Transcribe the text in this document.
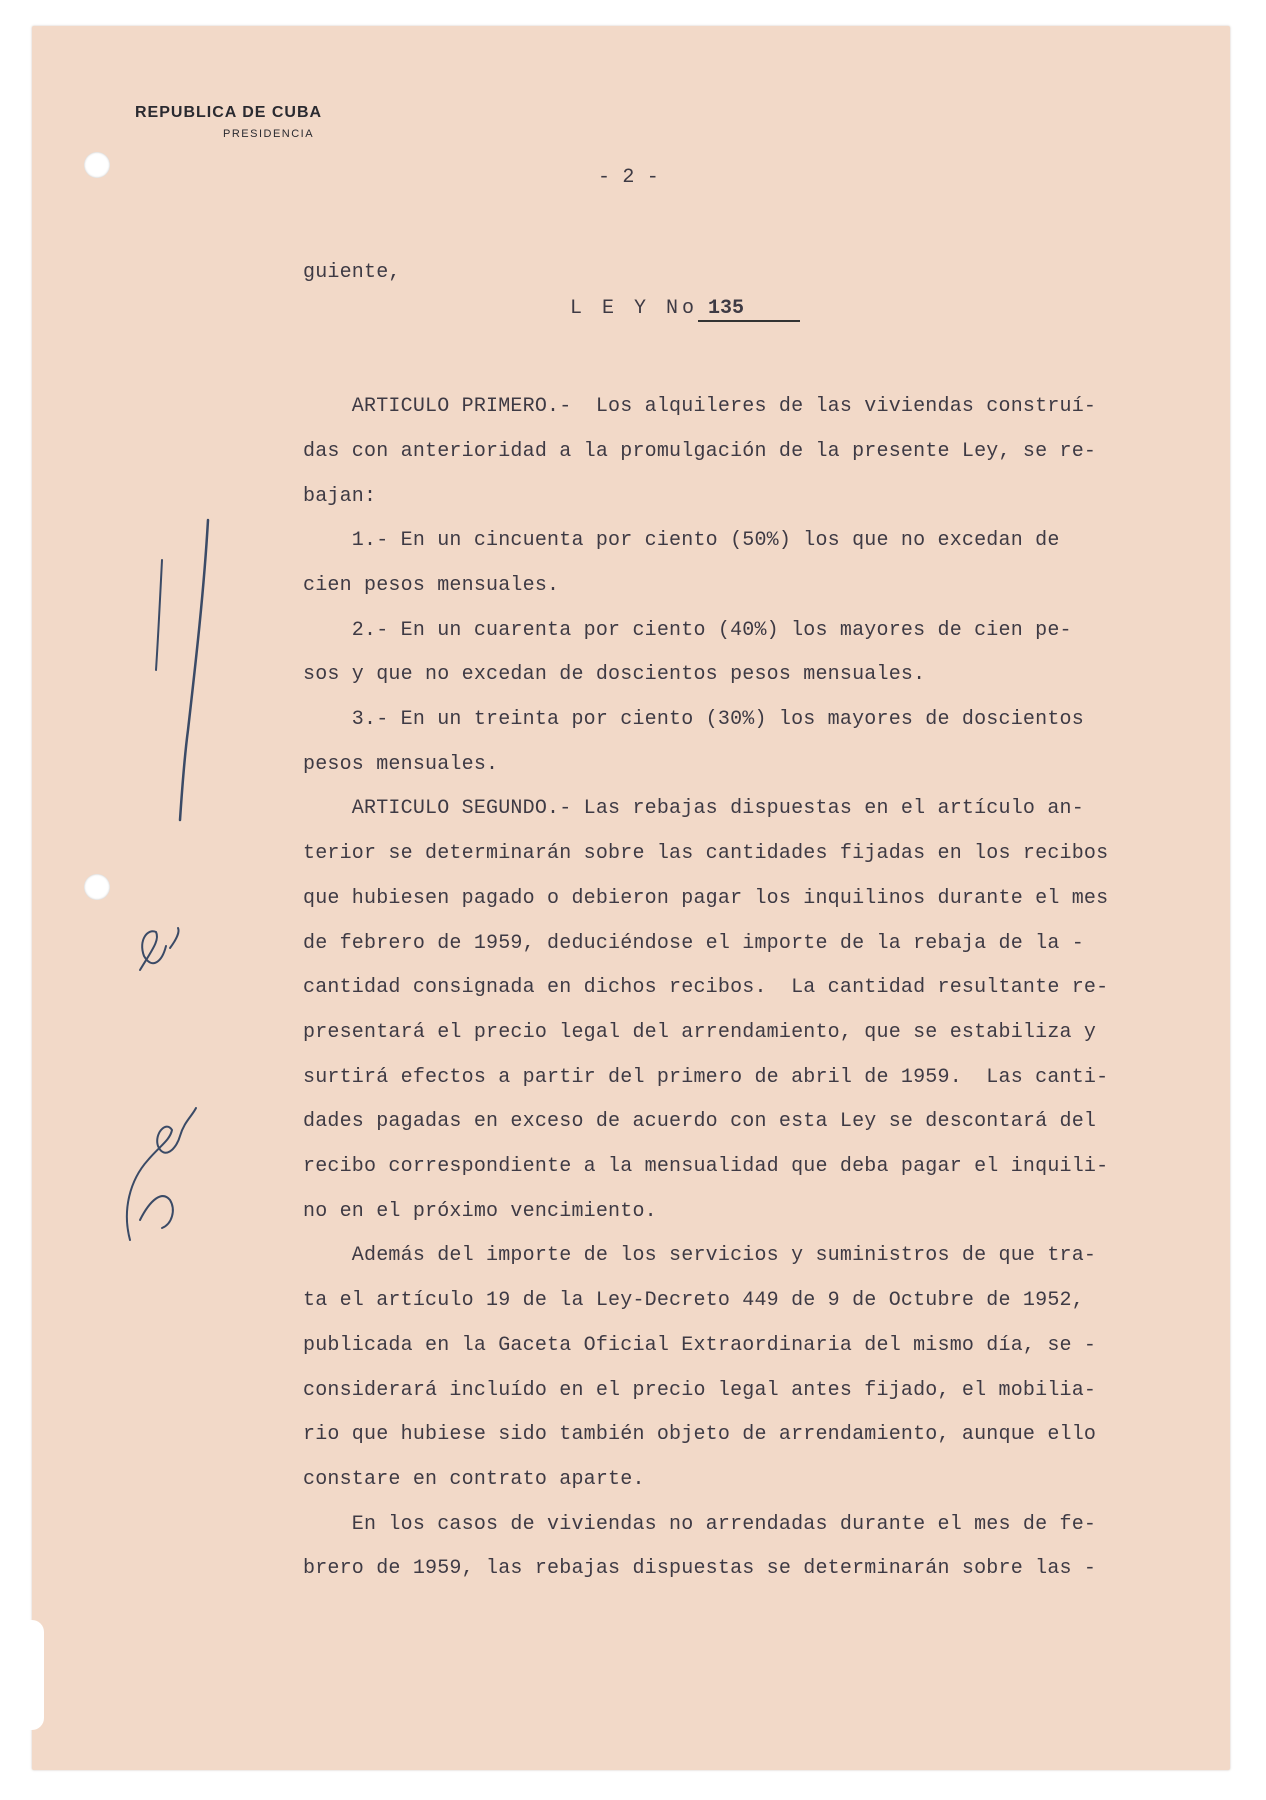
REPUBLICA DE CUBA
PRESIDENCIA
- 2 -
L E Y No 135
guiente,

ARTICULO PRIMERO.-  Los alquileres de las viviendas construí-
das con anterioridad a la promulgación de la presente Ley, se re-
bajan:
1.- En un cincuenta por ciento (50%) los que no excedan de
cien pesos mensuales.
2.- En un cuarenta por ciento (40%) los mayores de cien pe-
sos y que no excedan de doscientos pesos mensuales.
3.- En un treinta por ciento (30%) los mayores de doscientos
pesos mensuales.
ARTICULO SEGUNDO.- Las rebajas dispuestas en el artículo an-
terior se determinarán sobre las cantidades fijadas en los recibos
que hubiesen pagado o debieron pagar los inquilinos durante el mes
de febrero de 1959, deduciéndose el importe de la rebaja de la -
cantidad consignada en dichos recibos.  La cantidad resultante re-
presentará el precio legal del arrendamiento, que se estabiliza y
surtirá efectos a partir del primero de abril de 1959.  Las canti-
dades pagadas en exceso de acuerdo con esta Ley se descontará del
recibo correspondiente a la mensualidad que deba pagar el inquili-
no en el próximo vencimiento.
Además del importe de los servicios y suministros de que tra-
ta el artículo 19 de la Ley-Decreto 449 de 9 de Octubre de 1952,
publicada en la Gaceta Oficial Extraordinaria del mismo día, se -
considerará incluído en el precio legal antes fijado, el mobilia-
rio que hubiese sido también objeto de arrendamiento, aunque ello
constare en contrato aparte.
En los casos de viviendas no arrendadas durante el mes de fe-
brero de 1959, las rebajas dispuestas se determinarán sobre las -
